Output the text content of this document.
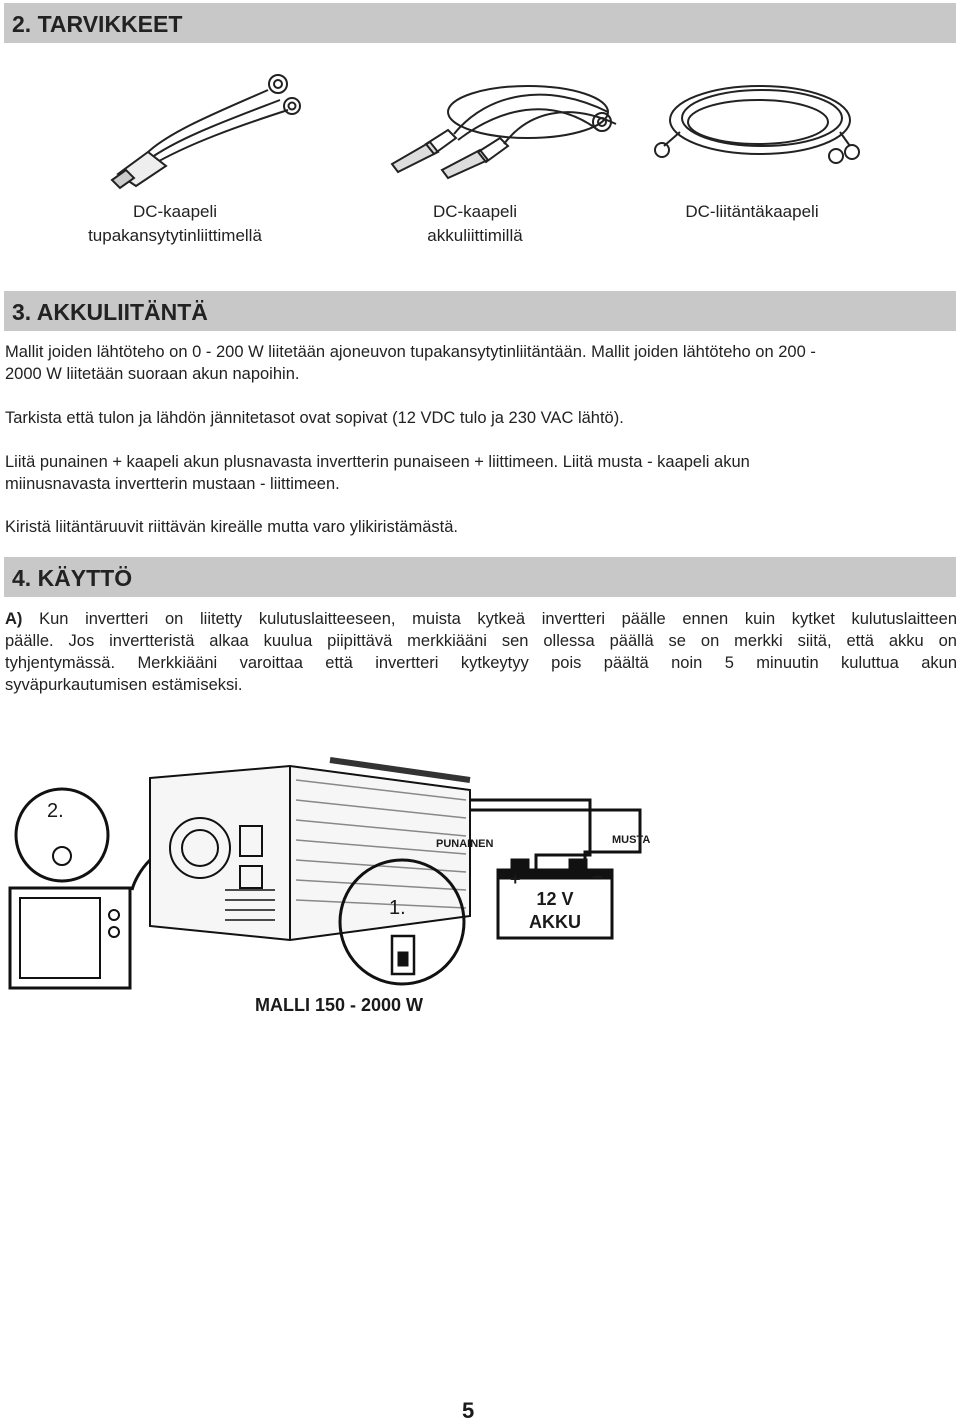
2. TARVIKKEET
DC-kaapeli
tupakansytytinliittimellä
DC-kaapeli
akkuliittimillä
DC-liitäntäkaapeli
3. AKKULIITÄNTÄ
Mallit joiden lähtöteho on 0 - 200 W liitetään ajoneuvon tupakansytytinliitäntään. Mallit joiden lähtöteho on 200 -
2000 W liitetään suoraan akun napoihin.
Tarkista että tulon ja lähdön jännitetasot ovat sopivat (12 VDC tulo ja 230 VAC lähtö).
Liitä punainen + kaapeli akun plusnavasta invertterin punaiseen + liittimeen. Liitä musta - kaapeli akun
miinusnavasta invertterin mustaan - liittimeen.
Kiristä liitäntäruuvit riittävän kireälle mutta varo ylikiristämästä.
4. KÄYTTÖ
A) Kun invertteri on liitetty kulutuslaitteeseen, muista kytkeä invertteri päälle ennen kuin kytket kulutuslaitteen
päälle. Jos invertteristä alkaa kuulua piipittävä merkkiääni sen ollessa päällä se on merkki siitä, että akku on
tyhjentymässä. Merkkiääni varoittaa että invertteri kytkeytyy pois päältä noin 5 minuutin kuluttua akun
syväpurkautumisen estämiseksi.
2.
1.
PUNAINEN	MUSTA
+	−
12 V
AKKU
MALLI 150 - 2000 W
5
